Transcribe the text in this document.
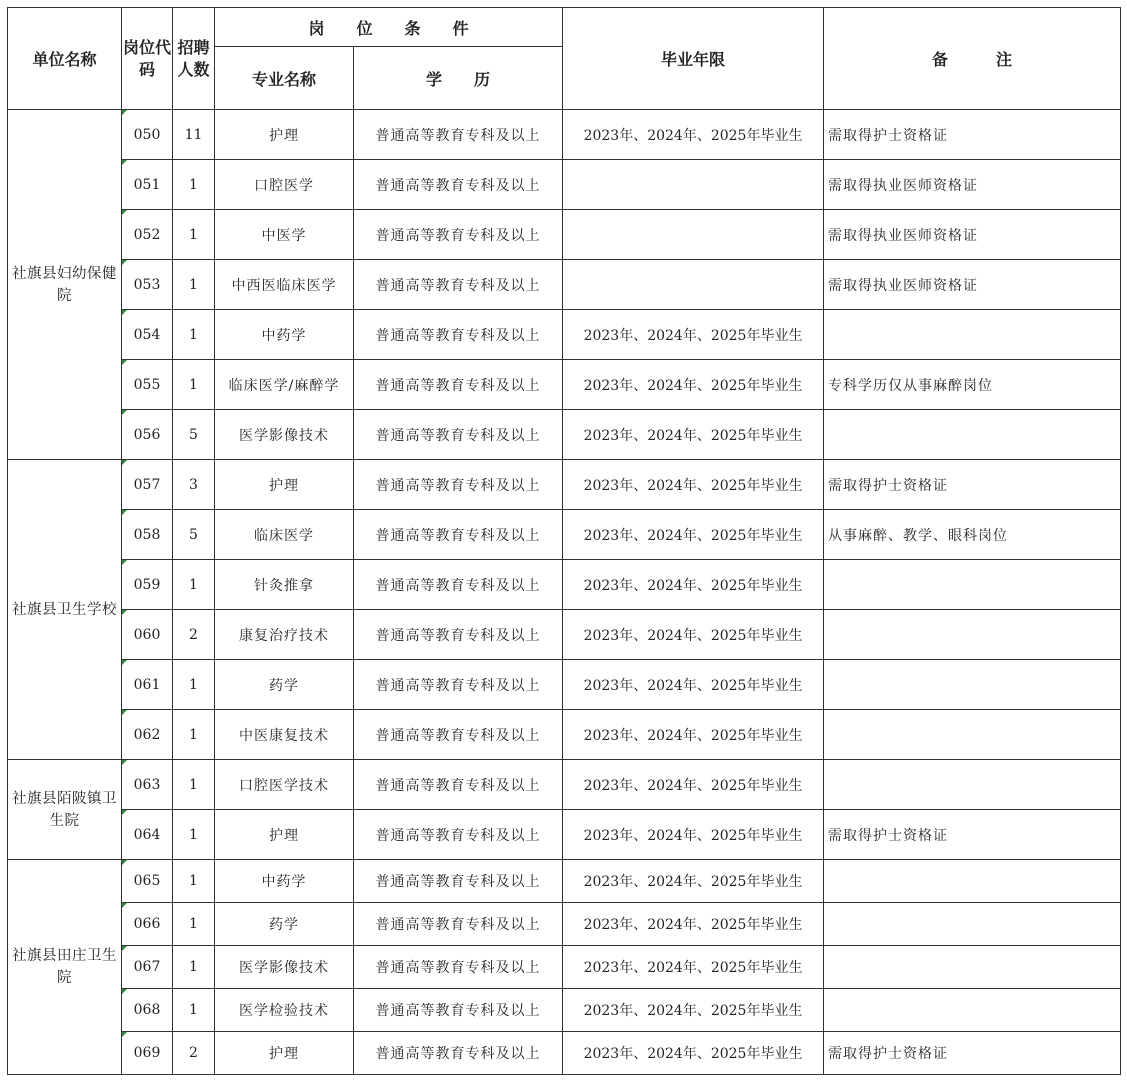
单位名称	岗位代码	招聘人数	岗　　位　　条　　件		毕业年限	备　　　注
			专业名称	学　　历		
社旗县妇幼保健院	050	11	护理	普通高等教育专科及以上	2023年、2024年、2025年毕业生	需取得护士资格证
	051	1	口腔医学	普通高等教育专科及以上		需取得执业医师资格证
	052	1	中医学	普通高等教育专科及以上		需取得执业医师资格证
	053	1	中西医临床医学	普通高等教育专科及以上		需取得执业医师资格证
	054	1	中药学	普通高等教育专科及以上	2023年、2024年、2025年毕业生	
	055	1	临床医学/麻醉学	普通高等教育专科及以上	2023年、2024年、2025年毕业生	专科学历仅从事麻醉岗位
	056	5	医学影像技术	普通高等教育专科及以上	2023年、2024年、2025年毕业生	
社旗县卫生学校	057	3	护理	普通高等教育专科及以上	2023年、2024年、2025年毕业生	需取得护士资格证
	058	5	临床医学	普通高等教育专科及以上	2023年、2024年、2025年毕业生	从事麻醉、教学、眼科岗位
	059	1	针灸推拿	普通高等教育专科及以上	2023年、2024年、2025年毕业生	
	060	2	康复治疗技术	普通高等教育专科及以上	2023年、2024年、2025年毕业生	
	061	1	药学	普通高等教育专科及以上	2023年、2024年、2025年毕业生	
	062	1	中医康复技术	普通高等教育专科及以上	2023年、2024年、2025年毕业生	
社旗县陌陂镇卫生院	063	1	口腔医学技术	普通高等教育专科及以上	2023年、2024年、2025年毕业生	
	064	1	护理	普通高等教育专科及以上	2023年、2024年、2025年毕业生	需取得护士资格证
社旗县田庄卫生院	065	1	中药学	普通高等教育专科及以上	2023年、2024年、2025年毕业生	
	066	1	药学	普通高等教育专科及以上	2023年、2024年、2025年毕业生	
	067	1	医学影像技术	普通高等教育专科及以上	2023年、2024年、2025年毕业生	
	068	1	医学检验技术	普通高等教育专科及以上	2023年、2024年、2025年毕业生	
	069	2	护理	普通高等教育专科及以上	2023年、2024年、2025年毕业生	需取得护士资格证
